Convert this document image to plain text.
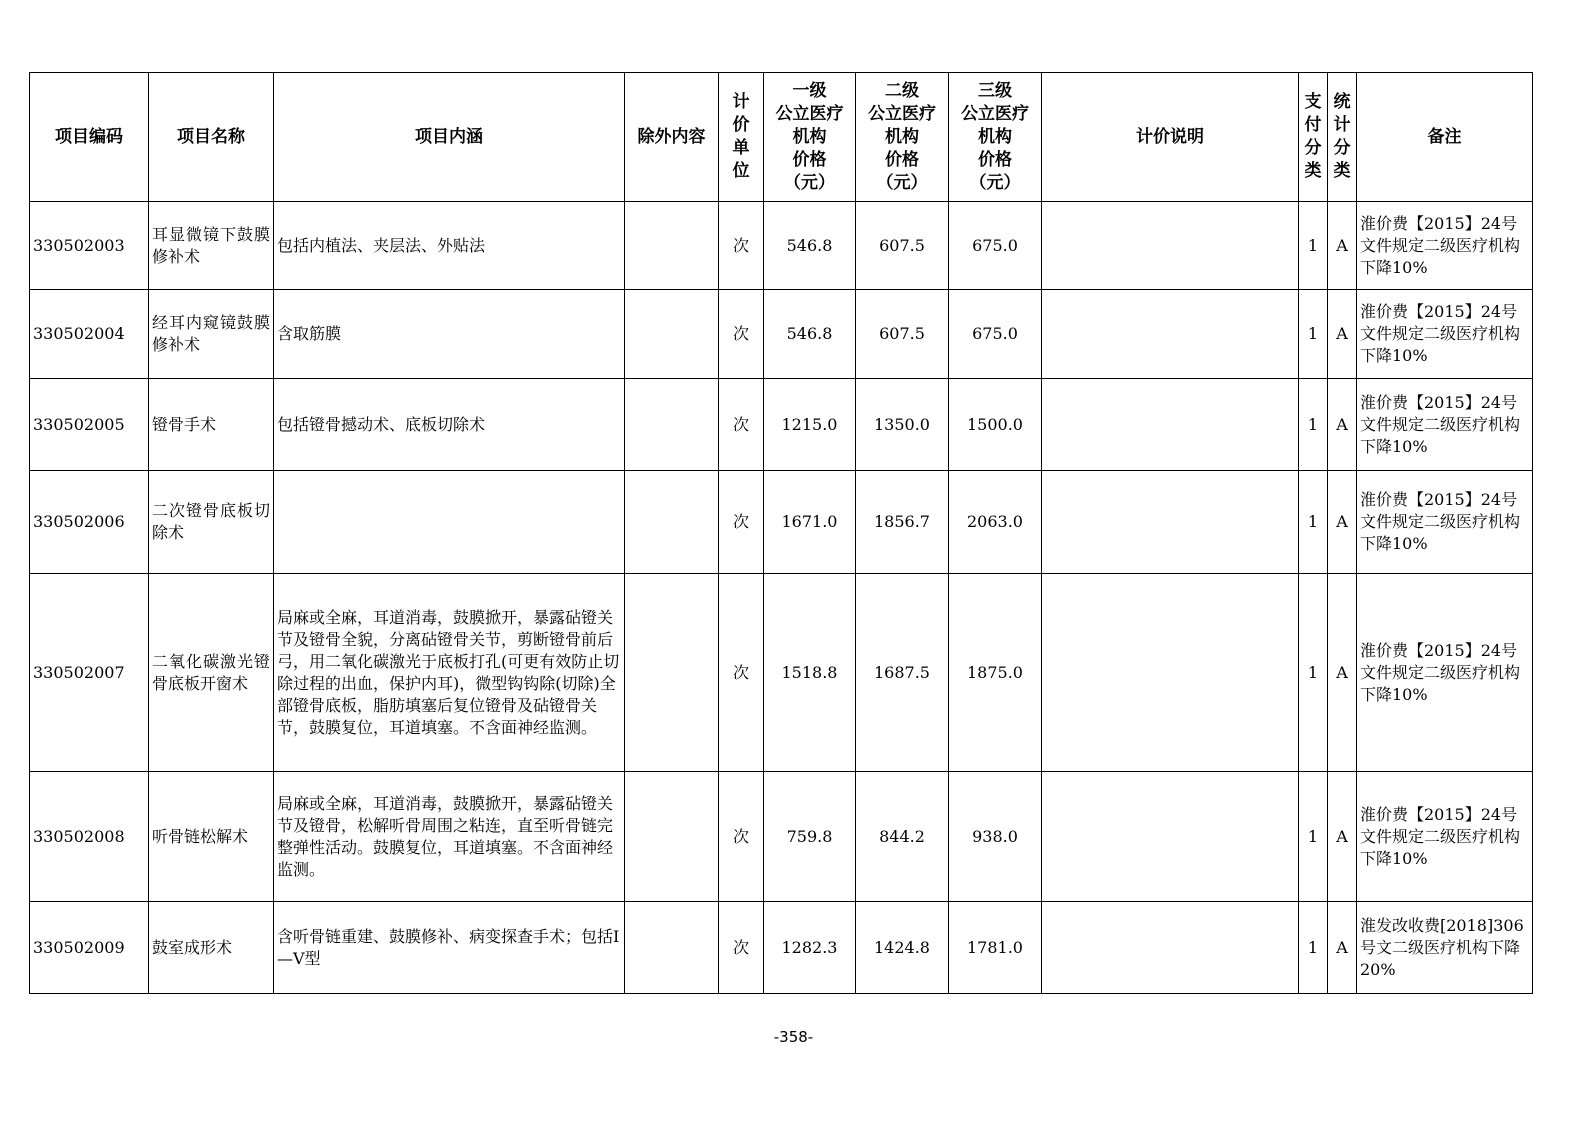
项目编码	项目名称	项目内涵	除外内容	计价单位	一级
公立医疗
机构
价格
（元）	二级
公立医疗
机构
价格
（元）	三级
公立医疗
机构
价格
（元）	计价说明	支付分类	统计分类	备注
330502003	耳显微镜下鼓膜修补术	包括内植法、夹层法、外贴法		次	546.8	607.5	675.0		1	A	淮价费【2015】24号文件规定二级医疗机构下降10%
330502004	经耳内窥镜鼓膜修补术	含取筋膜		次	546.8	607.5	675.0		1	A	淮价费【2015】24号文件规定二级医疗机构下降10%
330502005	镫骨手术	包括镫骨撼动术、底板切除术		次	1215.0	1350.0	1500.0		1	A	淮价费【2015】24号文件规定二级医疗机构下降10%
330502006	二次镫骨底板切除术			次	1671.0	1856.7	2063.0		1	A	淮价费【2015】24号文件规定二级医疗机构下降10%
330502007	二氧化碳激光镫骨底板开窗术	局麻或全麻，耳道消毒，鼓膜掀开，暴露砧镫关节及镫骨全貌，分离砧镫骨关节，剪断镫骨前后弓，用二氧化碳激光于底板打孔(可更有效防止切除过程的出血，保护内耳)，微型钩钩除(切除)全部镫骨底板，脂肪填塞后复位镫骨及砧镫骨关节，鼓膜复位，耳道填塞。不含面神经监测。		次	1518.8	1687.5	1875.0		1	A	淮价费【2015】24号文件规定二级医疗机构下降10%
330502008	听骨链松解术	局麻或全麻，耳道消毒，鼓膜掀开，暴露砧镫关节及镫骨，松解听骨周围之粘连，直至听骨链完整弹性活动。鼓膜复位，耳道填塞。不含面神经监测。		次	759.8	844.2	938.0		1	A	淮价费【2015】24号文件规定二级医疗机构下降10%
330502009	鼓室成形术	含听骨链重建、鼓膜修补、病变探查手术；包括I—V型		次	1282.3	1424.8	1781.0		1	A	淮发改收费[2018]306号文二级医疗机构下降20%
-358-
